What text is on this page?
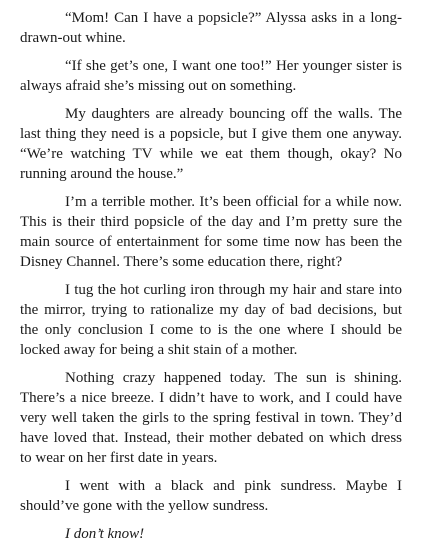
“Mom! Can I have a popsicle?” Alyssa asks in a long-drawn-out whine.

“If she get’s one, I want one too!” Her younger sister is always afraid she’s missing out on something.

My daughters are already bouncing off the walls. The last thing they need is a popsicle, but I give them one anyway. “We’re watching TV while we eat them though, okay? No running around the house.”

I’m a terrible mother. It’s been official for a while now. This is their third popsicle of the day and I’m pretty sure the main source of entertainment for some time now has been the Disney Channel. There’s some education there, right?

I tug the hot curling iron through my hair and stare into the mirror, trying to rationalize my day of bad decisions, but the only conclusion I come to is the one where I should be locked away for being a shit stain of a mother.

Nothing crazy happened today. The sun is shining. There’s a nice breeze. I didn’t have to work, and I could have very well taken the girls to the spring festival in town. They’d have loved that. Instead, their mother debated on which dress to wear on her first date in years.

I went with a black and pink sundress. Maybe I should’ve gone with the yellow sundress.

I don’t know!
